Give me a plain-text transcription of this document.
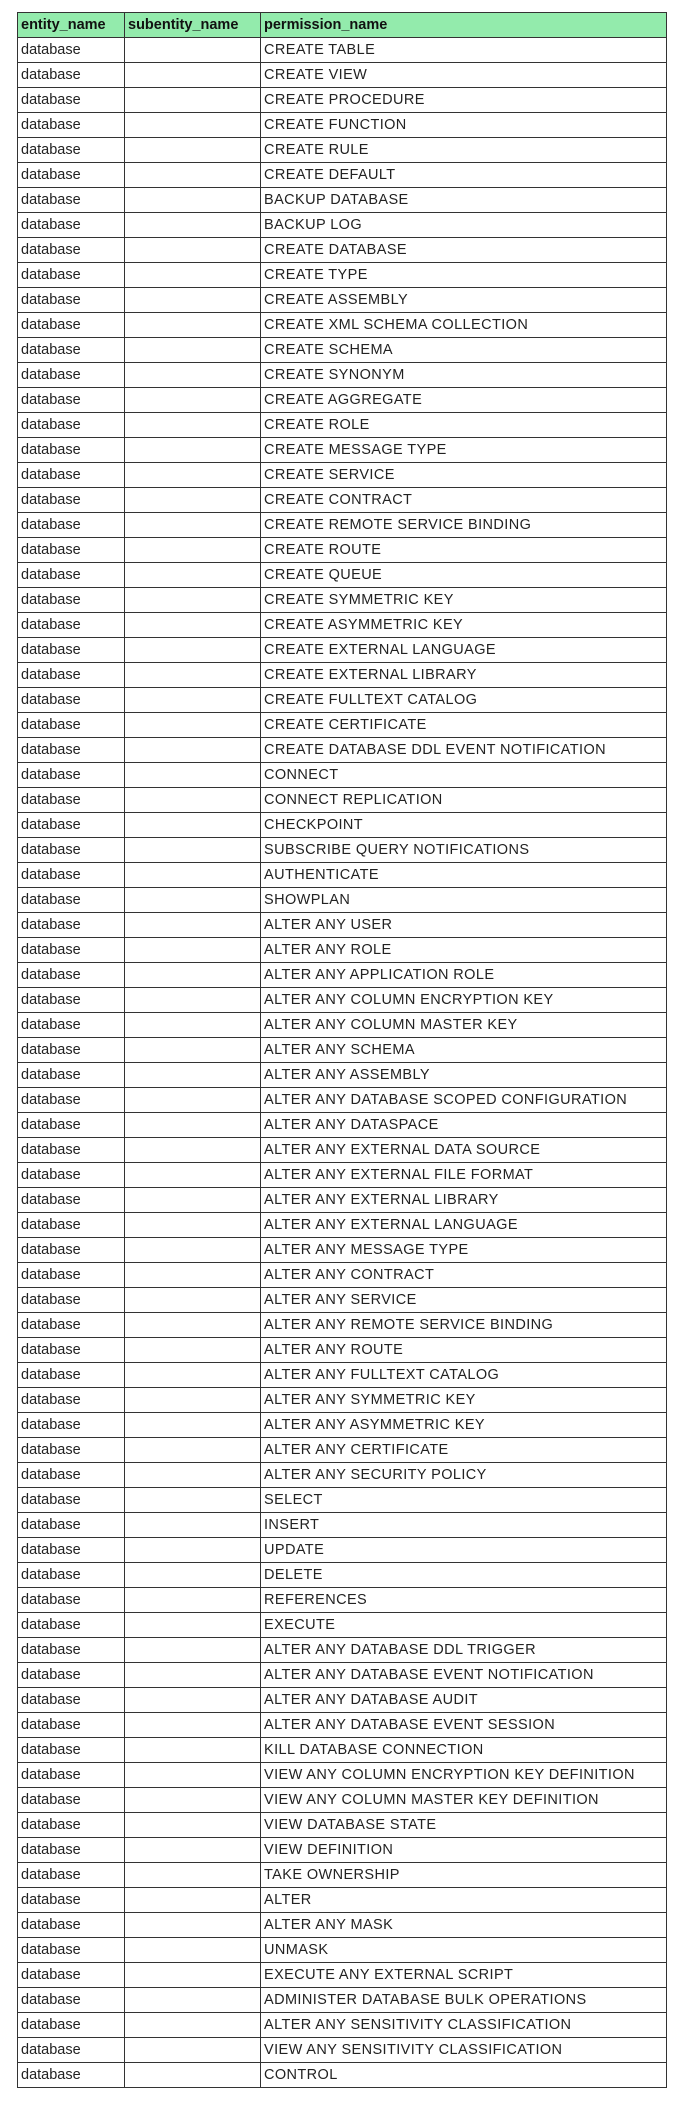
entity_name	subentity_name	permission_name
database		CREATE TABLE
database		CREATE VIEW
database		CREATE PROCEDURE
database		CREATE FUNCTION
database		CREATE RULE
database		CREATE DEFAULT
database		BACKUP DATABASE
database		BACKUP LOG
database		CREATE DATABASE
database		CREATE TYPE
database		CREATE ASSEMBLY
database		CREATE XML SCHEMA COLLECTION
database		CREATE SCHEMA
database		CREATE SYNONYM
database		CREATE AGGREGATE
database		CREATE ROLE
database		CREATE MESSAGE TYPE
database		CREATE SERVICE
database		CREATE CONTRACT
database		CREATE REMOTE SERVICE BINDING
database		CREATE ROUTE
database		CREATE QUEUE
database		CREATE SYMMETRIC KEY
database		CREATE ASYMMETRIC KEY
database		CREATE EXTERNAL LANGUAGE
database		CREATE EXTERNAL LIBRARY
database		CREATE FULLTEXT CATALOG
database		CREATE CERTIFICATE
database		CREATE DATABASE DDL EVENT NOTIFICATION
database		CONNECT
database		CONNECT REPLICATION
database		CHECKPOINT
database		SUBSCRIBE QUERY NOTIFICATIONS
database		AUTHENTICATE
database		SHOWPLAN
database		ALTER ANY USER
database		ALTER ANY ROLE
database		ALTER ANY APPLICATION ROLE
database		ALTER ANY COLUMN ENCRYPTION KEY
database		ALTER ANY COLUMN MASTER KEY
database		ALTER ANY SCHEMA
database		ALTER ANY ASSEMBLY
database		ALTER ANY DATABASE SCOPED CONFIGURATION
database		ALTER ANY DATASPACE
database		ALTER ANY EXTERNAL DATA SOURCE
database		ALTER ANY EXTERNAL FILE FORMAT
database		ALTER ANY EXTERNAL LIBRARY
database		ALTER ANY EXTERNAL LANGUAGE
database		ALTER ANY MESSAGE TYPE
database		ALTER ANY CONTRACT
database		ALTER ANY SERVICE
database		ALTER ANY REMOTE SERVICE BINDING
database		ALTER ANY ROUTE
database		ALTER ANY FULLTEXT CATALOG
database		ALTER ANY SYMMETRIC KEY
database		ALTER ANY ASYMMETRIC KEY
database		ALTER ANY CERTIFICATE
database		ALTER ANY SECURITY POLICY
database		SELECT
database		INSERT
database		UPDATE
database		DELETE
database		REFERENCES
database		EXECUTE
database		ALTER ANY DATABASE DDL TRIGGER
database		ALTER ANY DATABASE EVENT NOTIFICATION
database		ALTER ANY DATABASE AUDIT
database		ALTER ANY DATABASE EVENT SESSION
database		KILL DATABASE CONNECTION
database		VIEW ANY COLUMN ENCRYPTION KEY DEFINITION
database		VIEW ANY COLUMN MASTER KEY DEFINITION
database		VIEW DATABASE STATE
database		VIEW DEFINITION
database		TAKE OWNERSHIP
database		ALTER
database		ALTER ANY MASK
database		UNMASK
database		EXECUTE ANY EXTERNAL SCRIPT
database		ADMINISTER DATABASE BULK OPERATIONS
database		ALTER ANY SENSITIVITY CLASSIFICATION
database		VIEW ANY SENSITIVITY CLASSIFICATION
database		CONTROL
